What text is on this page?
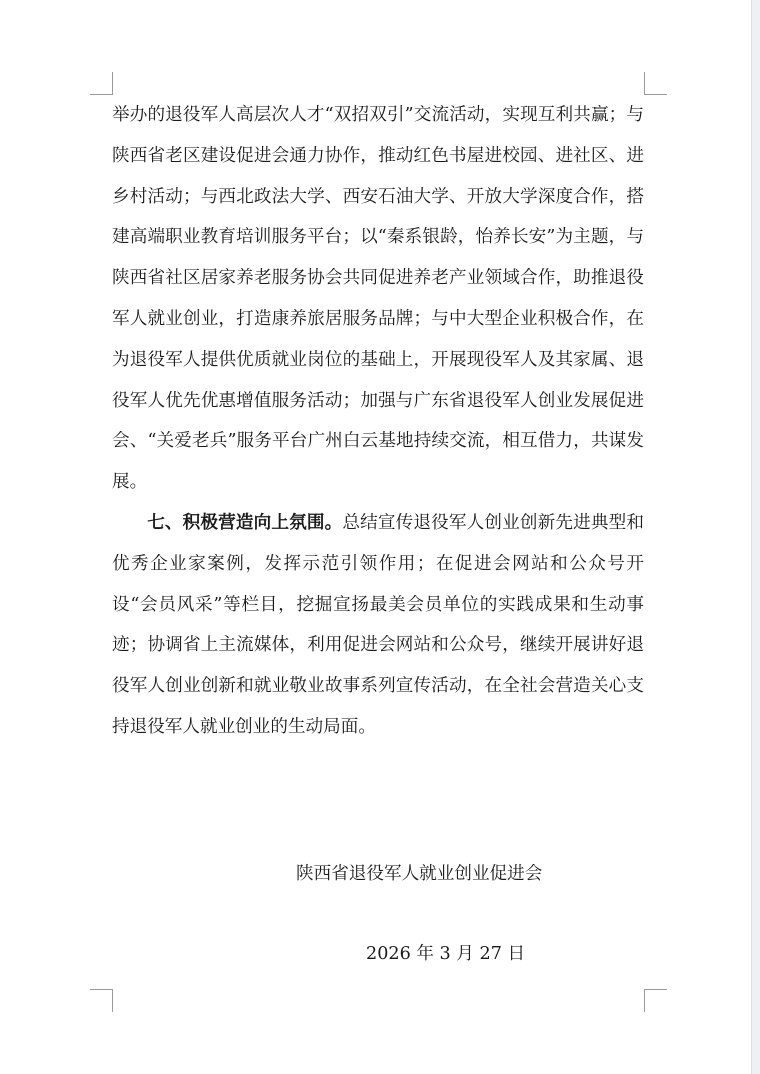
举办的退役军人高层次人才“双招双引”交流活动，实现互利共赢；与陕西省老区建设促进会通力协作，推动红色书屋进校园、进社区、进乡村活动；与西北政法大学、西安石油大学、开放大学深度合作，搭建高端职业教育培训服务平台；以“秦系银龄，怡养长安”为主题，与陕西省社区居家养老服务协会共同促进养老产业领域合作，助推退役军人就业创业，打造康养旅居服务品牌；与中大型企业积极合作，在为退役军人提供优质就业岗位的基础上，开展现役军人及其家属、退役军人优先优惠增值服务活动；加强与广东省退役军人创业发展促进会、“关爱老兵”服务平台广州白云基地持续交流，相互借力，共谋发展。

七、积极营造向上氛围。总结宣传退役军人创业创新先进典型和优秀企业家案例，发挥示范引领作用；在促进会网站和公众号开设“会员风采”等栏目，挖掘宣扬最美会员单位的实践成果和生动事迹；协调省上主流媒体，利用促进会网站和公众号，继续开展讲好退役军人创业创新和就业敬业故事系列宣传活动，在全社会营造关心支持退役军人就业创业的生动局面。

陕西省退役军人就业创业促进会
2026 年 3 月 27 日
